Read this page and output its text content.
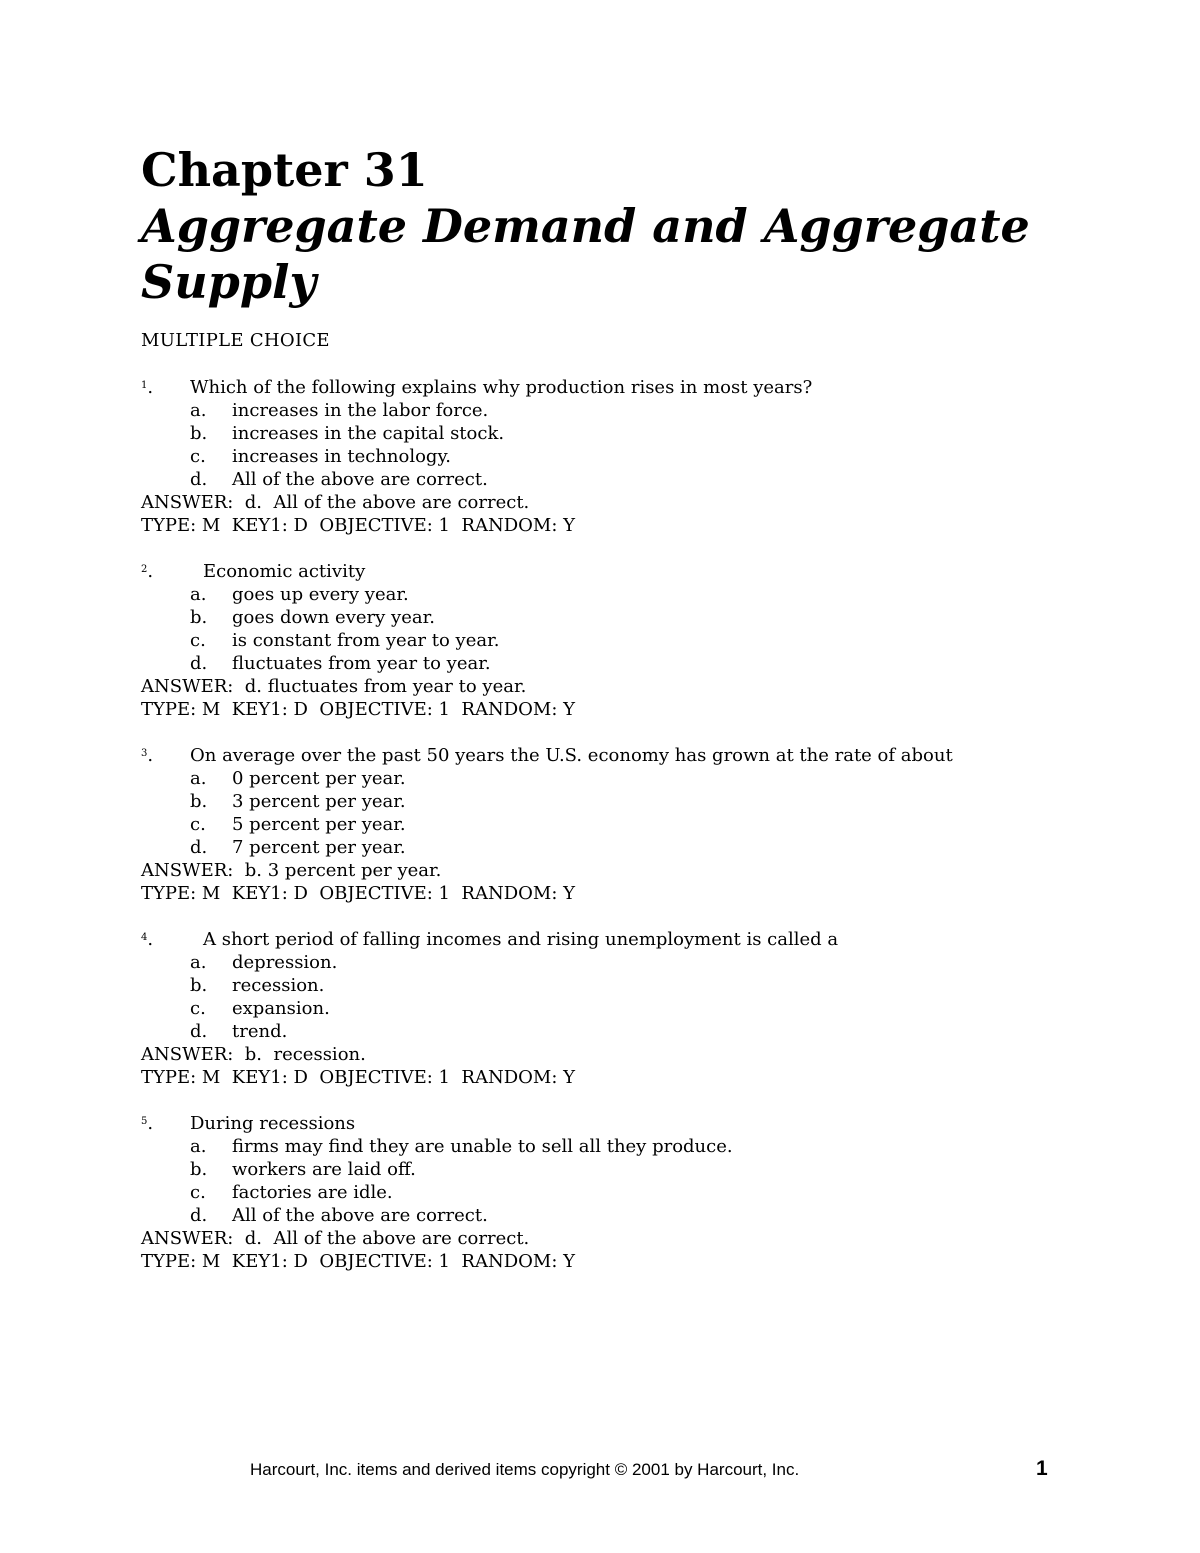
Chapter 31
Aggregate Demand and Aggregate Supply
MULTIPLE CHOICE
$^1$.	Which of the following explains why production rises in most years?
a.	increases in the labor force.
b.	increases in the capital stock.
c.	increases in technology.
d.	All of the above are correct.
ANSWER:  d.  All of the above are correct.
TYPE: M  KEY1: D  OBJECTIVE: 1  RANDOM: Y
$^2$.	Economic activity
a.	goes up every year.
b.	goes down every year.
c.	is constant from year to year.
d.	fluctuates from year to year.
ANSWER:  d. fluctuates from year to year.
TYPE: M  KEY1: D  OBJECTIVE: 1  RANDOM: Y
$^3$.	On average over the past 50 years the U.S. economy has grown at the rate of about
a.	0 percent per year.
b.	3 percent per year.
c.	5 percent per year.
d.	7 percent per year.
ANSWER:  b. 3 percent per year.
TYPE: M  KEY1: D  OBJECTIVE: 1  RANDOM: Y
$^4$.	A short period of falling incomes and rising unemployment is called a
a.	depression.
b.	recession.
c.	expansion.
d.	trend.
ANSWER:  b.  recession.
TYPE: M  KEY1: D  OBJECTIVE: 1  RANDOM: Y
$^5$.	During recessions
a.	firms may find they are unable to sell all they produce.
b.	workers are laid off.
c.	factories are idle.
d.	All of the above are correct.
ANSWER:  d.  All of the above are correct.
TYPE: M  KEY1: D  OBJECTIVE: 1  RANDOM: Y
Harcourt, Inc. items and derived items copyright © 2001 by Harcourt, Inc.	1
